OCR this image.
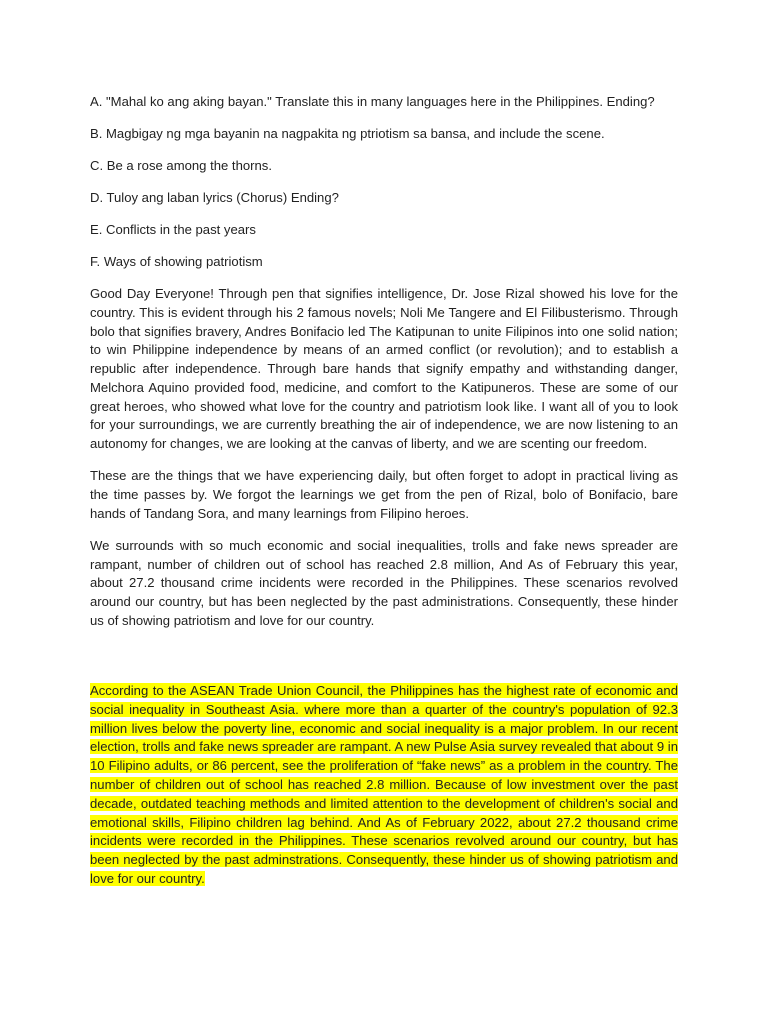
A. "Mahal ko ang aking bayan." Translate this in many languages here in the Philippines. Ending?

B. Magbigay ng mga bayanin na nagpakita ng ptriotism sa bansa, and include the scene.

C. Be a rose among the thorns.

D. Tuloy ang laban lyrics (Chorus) Ending?

E. Conflicts in the past years

F. Ways of showing patriotism

Good Day Everyone! Through pen that signifies intelligence, Dr. Jose Rizal showed his love for the country. This is evident through his 2 famous novels; Noli Me Tangere and El Filibusterismo. Through bolo that signifies bravery, Andres Bonifacio led The Katipunan to unite Filipinos into one solid nation; to win Philippine independence by means of an armed conflict (or revolution); and to establish a republic after independence. Through bare hands that signify empathy and withstanding danger, Melchora Aquino provided food, medicine, and comfort to the Katipuneros. These are some of our great heroes, who showed what love for the country and patriotism look like. I want all of you to look for your surroundings, we are currently breathing the air of independence, we are now listening to an autonomy for changes, we are looking at the canvas of liberty, and we are scenting our freedom.

These are the things that we have experiencing daily, but often forget to adopt in practical living as the time passes by. We forgot the learnings we get from the pen of Rizal, bolo of Bonifacio, bare hands of Tandang Sora, and many learnings from Filipino heroes.

We surrounds with so much economic and social inequalities, trolls and fake news spreader are rampant, number of children out of school has reached 2.8 million, And As of February this year, about 27.2 thousand crime incidents were recorded in the Philippines. These scenarios revolved around our country, but has been neglected by the past administrations. Consequently, these hinder us of showing patriotism and love for our country.

According to the ASEAN Trade Union Council, the Philippines has the highest rate of economic and social inequality in Southeast Asia. where more than a quarter of the country's population of 92.3 million lives below the poverty line, economic and social inequality is a major problem. In our recent election, trolls and fake news spreader are rampant. A new Pulse Asia survey revealed that about 9 in 10 Filipino adults, or 86 percent, see the proliferation of “fake news” as a problem in the country. The number of children out of school has reached 2.8 million. Because of low investment over the past decade, outdated teaching methods and limited attention to the development of children's social and emotional skills, Filipino children lag behind. And As of February 2022, about 27.2 thousand crime incidents were recorded in the Philippines. These scenarios revolved around our country, but has been neglected by the past adminstrations. Consequently, these hinder us of showing patriotism and love for our country.
